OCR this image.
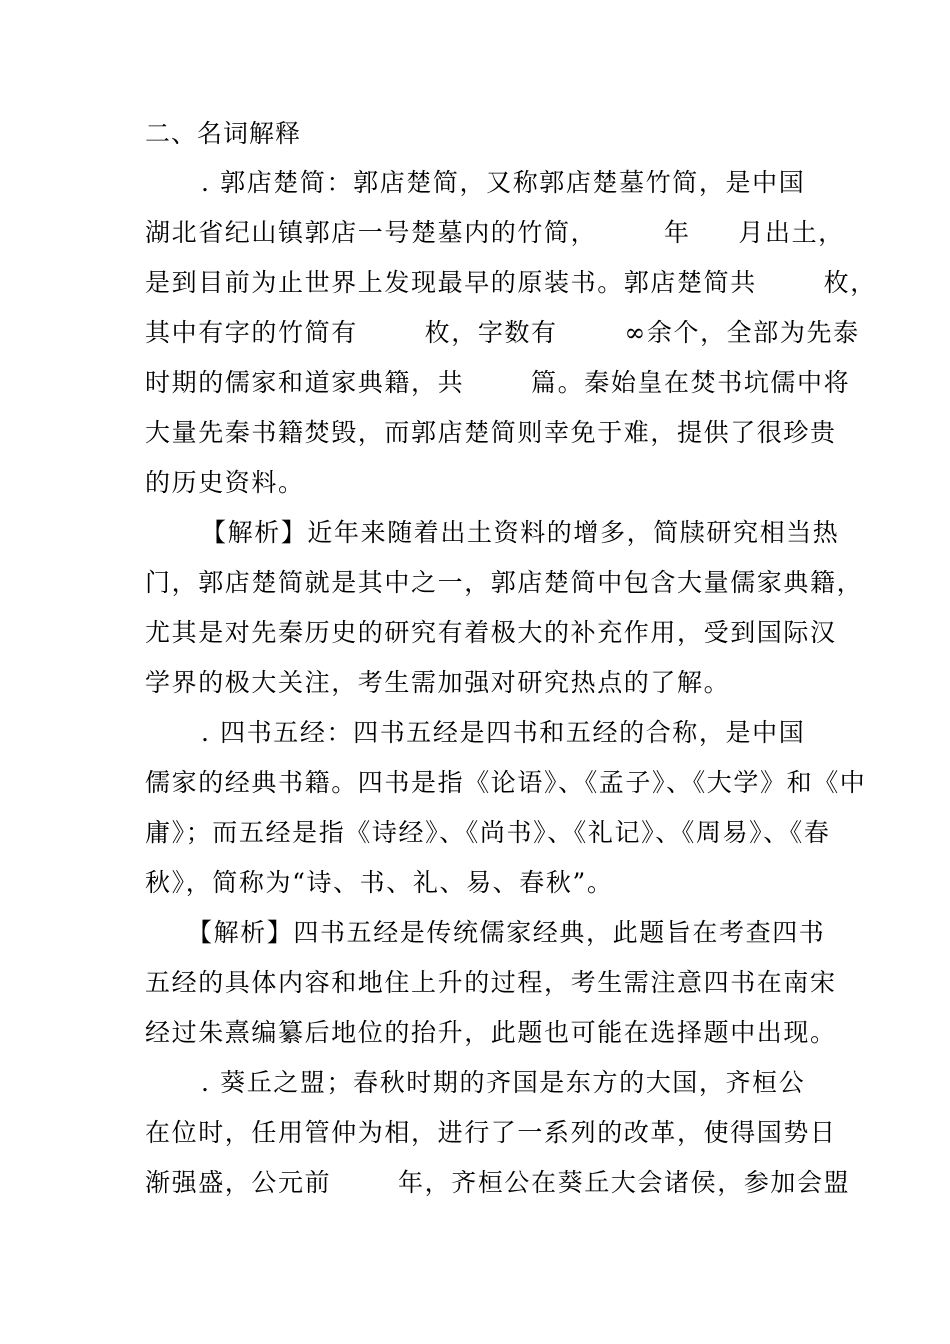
二、名词解释
. 郭店楚简：郭店楚简，又称郭店楚墓竹简，是中国
湖北省纪山镇郭店一号楚墓内的竹简，       年     月出土，
是到目前为止世界上发现最早的原装书。郭店楚简共       枚，
其中有字的竹简有       枚，字数有       ∞余个，全部为先泰
时期的儒家和道家典籍，共       篇。秦始皇在焚书坑儒中将
大量先秦书籍焚毁，而郭店楚简则幸免于难，提供了很珍贵
的历史资料。
【解析】近年来随着出土资料的增多，简牍研究相当热
门，郭店楚简就是其中之一，郭店楚简中包含大量儒家典籍，
尤其是对先秦历史的研究有着极大的补充作用，受到国际汉
学界的极大关注，考生需加强对研究热点的了解。
. 四书五经：四书五经是四书和五经的合称，是中国
儒家的经典书籍。四书是指《论语》、《孟子》、《大学》和《中
庸》；而五经是指《诗经》、《尚书》、《礼记》、《周易》、《春
秋》，简称为“诗、书、礼、易、春秋”。
【解析】四书五经是传统儒家经典，此题旨在考查四书
五经的具体内容和地住上升的过程，考生需注意四书在南宋
经过朱熹编纂后地位的抬升，此题也可能在选择题中出现。
. 葵丘之盟；春秋时期的齐国是东方的大国，齐桓公
在位时，任用管仲为相，进行了一系列的改革，使得国势日
渐强盛，公元前       年，齐桓公在葵丘大会诸侯，参加会盟
